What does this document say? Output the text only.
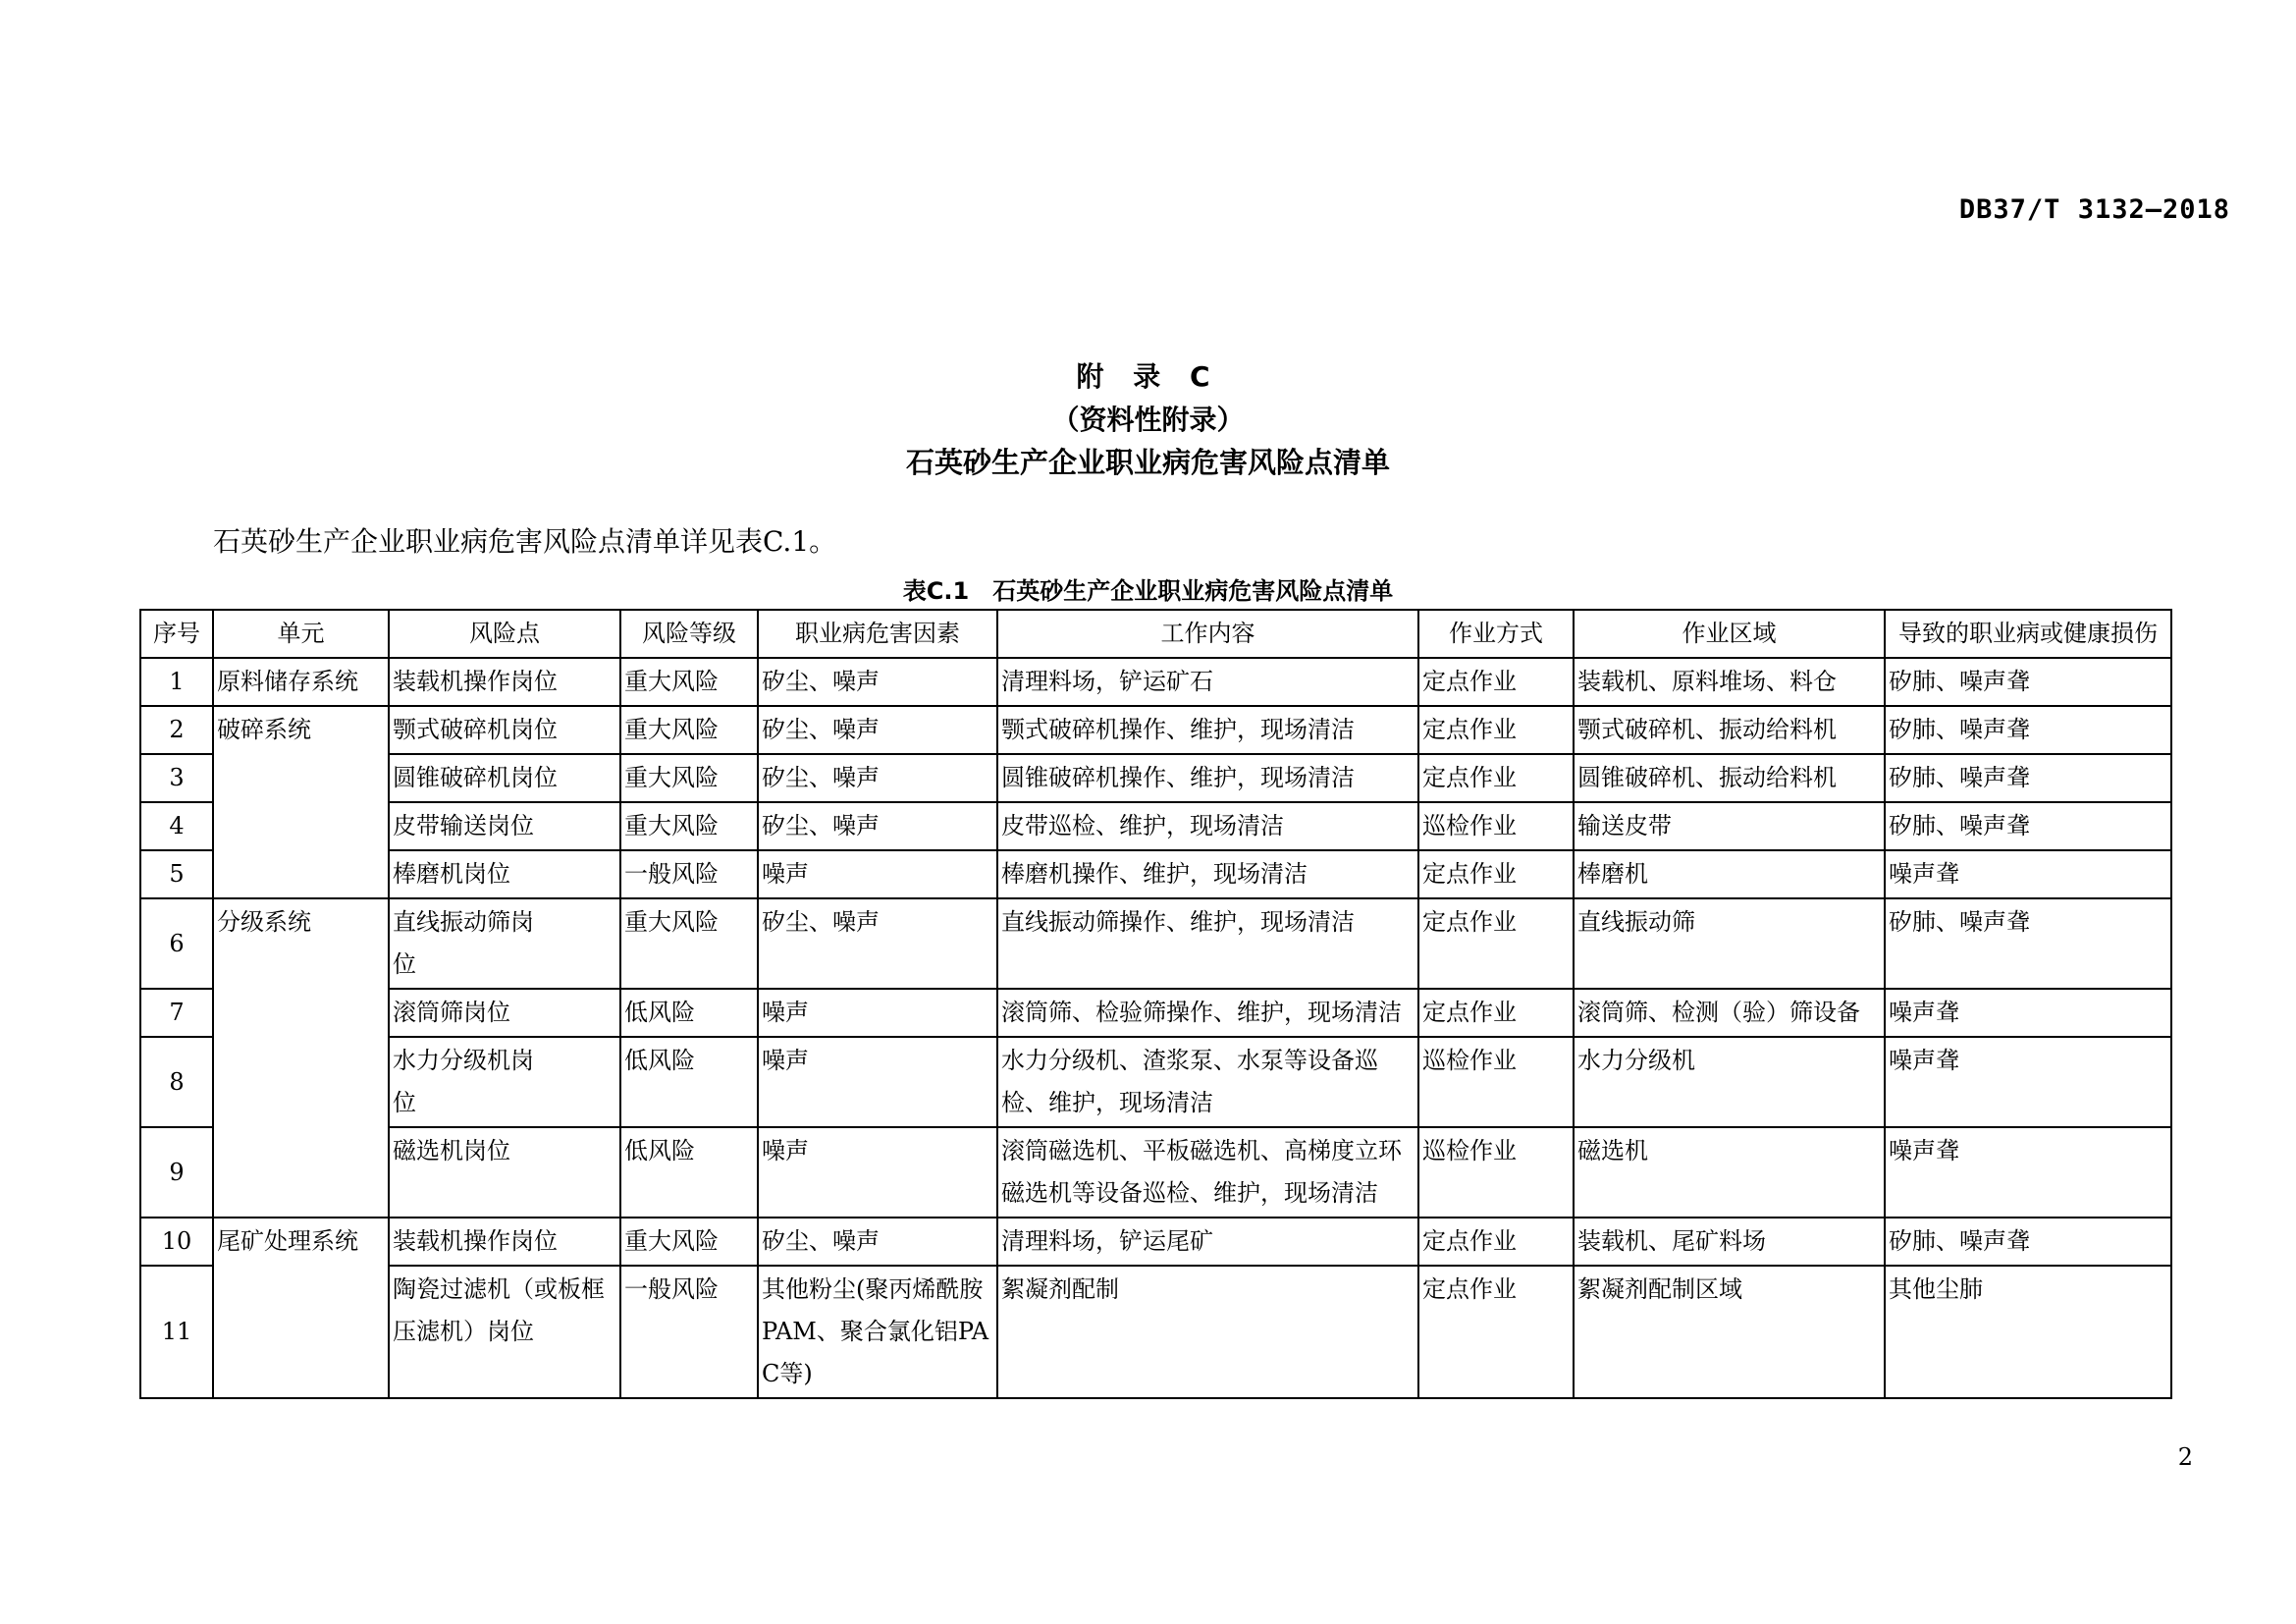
DB37/T 3132—2018
附 录 C
（资料性附录）
石英砂生产企业职业病危害风险点清单
石英砂生产企业职业病危害风险点清单详见表C.1。
表C.1　石英砂生产企业职业病危害风险点清单
序号	单元	风险点	风险等级	职业病危害因素	工作内容	作业方式	作业区域	导致的职业病或健康损伤
1	原料储存系统	装载机操作岗位	重大风险	矽尘、噪声	清理料场，铲运矿石	定点作业	装载机、原料堆场、料仓	矽肺、噪声聋
2	破碎系统	颚式破碎机岗位	重大风险	矽尘、噪声	颚式破碎机操作、维护，现场清洁	定点作业	颚式破碎机、振动给料机	矽肺、噪声聋
3		圆锥破碎机岗位	重大风险	矽尘、噪声	圆锥破碎机操作、维护，现场清洁	定点作业	圆锥破碎机、振动给料机	矽肺、噪声聋
4		皮带输送岗位	重大风险	矽尘、噪声	皮带巡检、维护，现场清洁	巡检作业	输送皮带	矽肺、噪声聋
5		棒磨机岗位	一般风险	噪声	棒磨机操作、维护，现场清洁	定点作业	棒磨机	噪声聋
6	分级系统	直线振动筛岗位	重大风险	矽尘、噪声	直线振动筛操作、维护，现场清洁	定点作业	直线振动筛	矽肺、噪声聋
7		滚筒筛岗位	低风险	噪声	滚筒筛、检验筛操作、维护，现场清洁	定点作业	滚筒筛、检测（验）筛设备	噪声聋
8		水力分级机岗位	低风险	噪声	水力分级机、渣浆泵、水泵等设备巡检、维护，现场清洁	巡检作业	水力分级机	噪声聋
9		磁选机岗位	低风险	噪声	滚筒磁选机、平板磁选机、高梯度立环磁选机等设备巡检、维护，现场清洁	巡检作业	磁选机	噪声聋
10	尾矿处理系统	装载机操作岗位	重大风险	矽尘、噪声	清理料场，铲运尾矿	定点作业	装载机、尾矿料场	矽肺、噪声聋
11		陶瓷过滤机（或板框压滤机）岗位	一般风险	其他粉尘(聚丙烯酰胺PAM、聚合氯化铝PAC等)	絮凝剂配制	定点作业	絮凝剂配制区域	其他尘肺
2
